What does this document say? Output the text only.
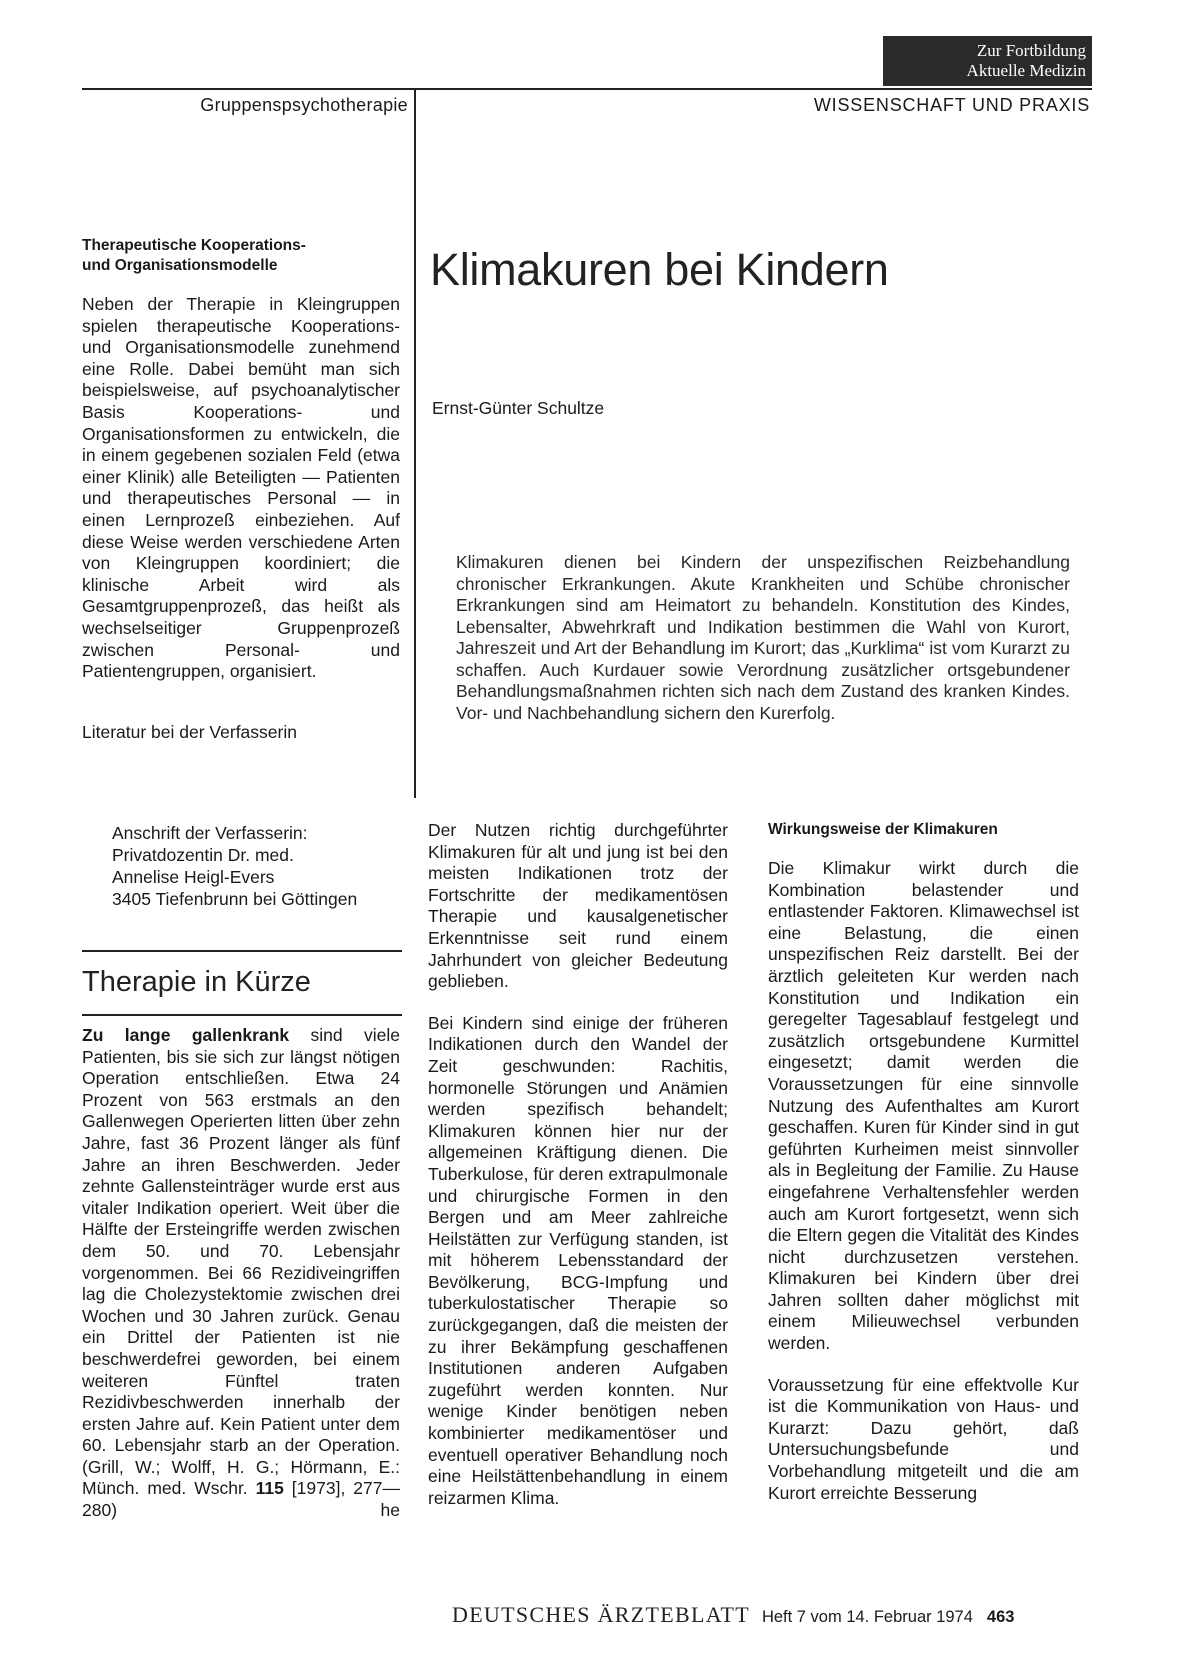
Zur Fortbildung
Aktuelle Medizin
Gruppenspsychotherapie	WISSENSCHAFT UND PRAXIS
Therapeutische Kooperations-
und Organisationsmodelle
Neben der Therapie in Kleingruppen spielen therapeutische Kooperations- und Organisationsmodelle zunehmend eine Rolle. Dabei bemüht man sich beispielsweise, auf psychoanalytischer Basis Kooperations- und Organisationsformen zu entwickeln, die in einem gegebenen sozialen Feld (etwa einer Klinik) alle Beteiligten — Patienten und therapeutisches Personal — in einen Lernprozeß einbeziehen. Auf diese Weise werden verschiedene Arten von Kleingruppen koordiniert; die klinische Arbeit wird als Gesamtgruppenprozeß, das heißt als wechselseitiger Gruppenprozeß zwischen Personal- und Patientengruppen, organisiert.
Literatur bei der Verfasserin
Anschrift der Verfasserin:
Privatdozentin Dr. med.
Annelise Heigl-Evers
3405 Tiefenbrunn bei Göttingen
Therapie in Kürze
Zu lange gallenkrank sind viele Patienten, bis sie sich zur längst nötigen Operation entschließen. Etwa 24 Prozent von 563 erstmals an den Gallenwegen Operierten litten über zehn Jahre, fast 36 Prozent länger als fünf Jahre an ihren Beschwerden. Jeder zehnte Gallensteinträger wurde erst aus vitaler Indikation operiert. Weit über die Hälfte der Ersteingriffe werden zwischen dem 50. und 70. Lebensjahr vorgenommen. Bei 66 Rezidiveingriffen lag die Cholezystektomie zwischen drei Wochen und 30 Jahren zurück. Genau ein Drittel der Patienten ist nie beschwerdefrei geworden, bei einem weiteren Fünftel traten Rezidivbeschwerden innerhalb der ersten Jahre auf. Kein Patient unter dem 60. Lebensjahr starb an der Operation. (Grill, W.; Wolff, H. G.; Hörmann, E.: Münch. med. Wschr. 115 [1973], 277—280)	he
Klimakuren bei Kindern
Ernst-Günter Schultze
Klimakuren dienen bei Kindern der unspezifischen Reizbehandlung chronischer Erkrankungen. Akute Krankheiten und Schübe chronischer Erkrankungen sind am Heimatort zu behandeln. Konstitution des Kindes, Lebensalter, Abwehrkraft und Indikation bestimmen die Wahl von Kurort, Jahreszeit und Art der Behandlung im Kurort; das „Kurklima“ ist vom Kurarzt zu schaffen. Auch Kurdauer sowie Verordnung zusätzlicher ortsgebundener Behandlungsmaßnahmen richten sich nach dem Zustand des kranken Kindes. Vor- und Nachbehandlung sichern den Kurerfolg.
Der Nutzen richtig durchgeführter Klimakuren für alt und jung ist bei den meisten Indikationen trotz der Fortschritte der medikamentösen Therapie und kausalgenetischer Erkenntnisse seit rund einem Jahrhundert von gleicher Bedeutung geblieben.
Bei Kindern sind einige der früheren Indikationen durch den Wandel der Zeit geschwunden: Rachitis, hormonelle Störungen und Anämien werden spezifisch behandelt; Klimakuren können hier nur der allgemeinen Kräftigung dienen. Die Tuberkulose, für deren extrapulmonale und chirurgische Formen in den Bergen und am Meer zahlreiche Heilstätten zur Verfügung standen, ist mit höherem Lebensstandard der Bevölkerung, BCG-Impfung und tuberkulostatischer Therapie so zurückgegangen, daß die meisten der zu ihrer Bekämpfung geschaffenen Institutionen anderen Aufgaben zugeführt werden konnten. Nur wenige Kinder benötigen neben kombinierter medikamentöser und eventuell operativer Behandlung noch eine Heilstättenbehandlung in einem reizarmen Klima.
Wirkungsweise der Klimakuren
Die Klimakur wirkt durch die Kombination belastender und entlastender Faktoren. Klimawechsel ist eine Belastung, die einen unspezifischen Reiz darstellt. Bei der ärztlich geleiteten Kur werden nach Konstitution und Indikation ein geregelter Tagesablauf festgelegt und zusätzlich ortsgebundene Kurmittel eingesetzt; damit werden die Voraussetzungen für eine sinnvolle Nutzung des Aufenthaltes am Kurort geschaffen. Kuren für Kinder sind in gut geführten Kurheimen meist sinnvoller als in Begleitung der Familie. Zu Hause eingefahrene Verhaltensfehler werden auch am Kurort fortgesetzt, wenn sich die Eltern gegen die Vitalität des Kindes nicht durchzusetzen verstehen. Klimakuren bei Kindern über drei Jahren sollten daher möglichst mit einem Milieuwechsel verbunden werden.
Voraussetzung für eine effektvolle Kur ist die Kommunikation von Haus- und Kurarzt: Dazu gehört, daß Untersuchungsbefunde und Vorbehandlung mitgeteilt und die am Kurort erreichte Besserung
DEUTSCHES ÄRZTEBLATT Heft 7 vom 14. Februar 1974 463
